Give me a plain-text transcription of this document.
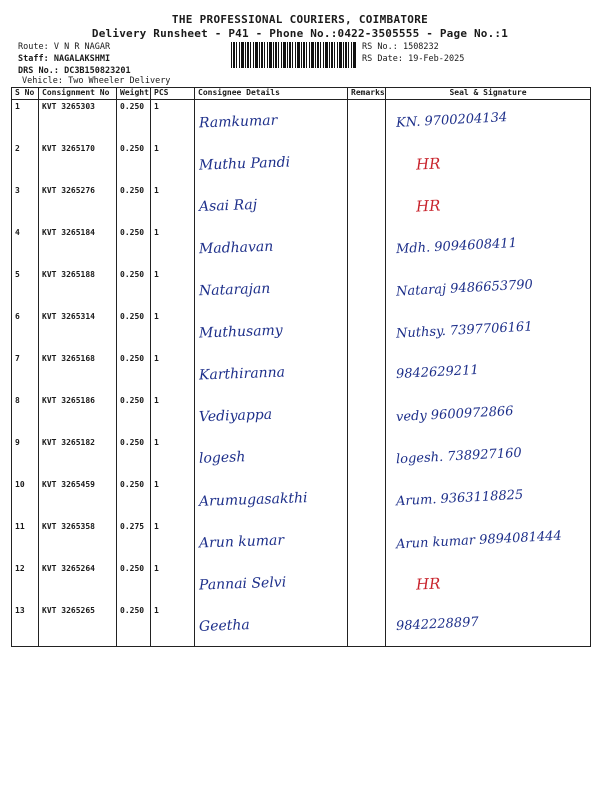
THE PROFESSIONAL COURIERS, COIMBATORE
Delivery Runsheet - P41 - Phone No.:0422-3505555 - Page No.:1
Route: V N R NAGAR
Staff: NAGALAKSHMI
DRS No.: DC3B150823201
Vehicle: Two Wheeler Delivery
RS No.: 1508232
RS Date: 19-Feb-2025
S No	Consignment No	Weight	PCS	Consignee Details	Remarks	Seal & Signature
1	KVT 3265303	0.250	1	Ramkumar		KN. 9700204134

2	KVT 3265170	0.250	1	Muthu Pandi		HR

3	KVT 3265276	0.250	1	Asai Raj		HR

4	KVT 3265184	0.250	1	Madhavan		Mdh. 9094608411

5	KVT 3265188	0.250	1	Natarajan		Nataraj 9486653790

6	KVT 3265314	0.250	1	Muthusamy		Nuthsy. 7397706161

7	KVT 3265168	0.250	1	Karthiranna		9842629211

8	KVT 3265186	0.250	1	Vediyappa		vedy 9600972866

9	KVT 3265182	0.250	1	logesh		logesh. 738927160

10	KVT 3265459	0.250	1	Arumugasakthi		Arum. 9363118825

11	KVT 3265358	0.275	1	Arun kumar		Arun kumar 9894081444

12	KVT 3265264	0.250	1	Pannai Selvi		HR

13	KVT 3265265	0.250	1	Geetha		9842228897
